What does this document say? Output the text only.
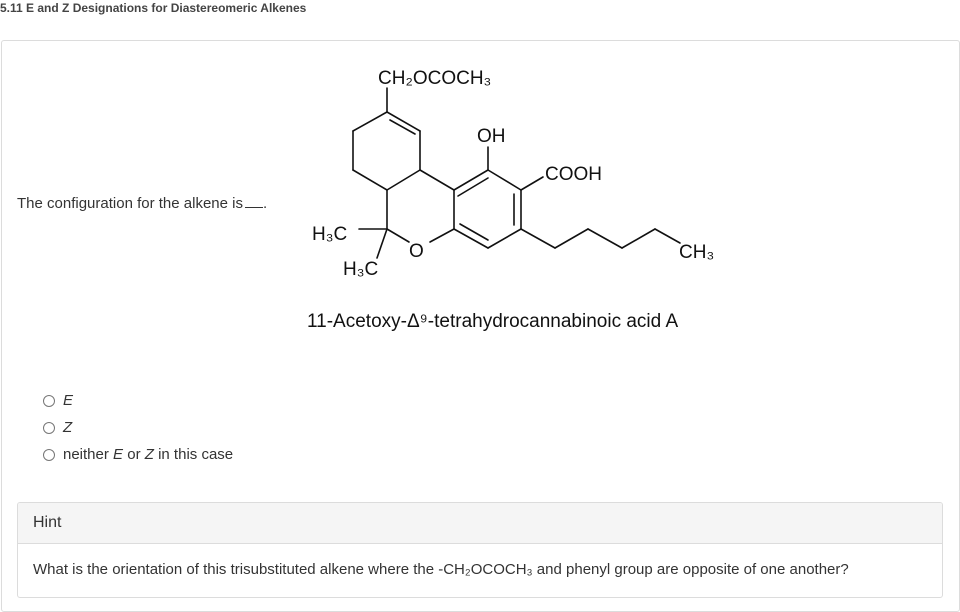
5.11 E and Z Designations for Diastereomeric Alkenes
The configuration for the alkene is .
CH₂OCOCH₃
OH
COOH
H₃C
H₃C
O	CH₃
11-Acetoxy-Δ⁹-tetrahydrocannabinoic acid A
E
Z
neither E or Z in this case
Hint
What is the orientation of this trisubstituted alkene where the -CH₂OCOCH₃ and phenyl group are opposite of one another?
